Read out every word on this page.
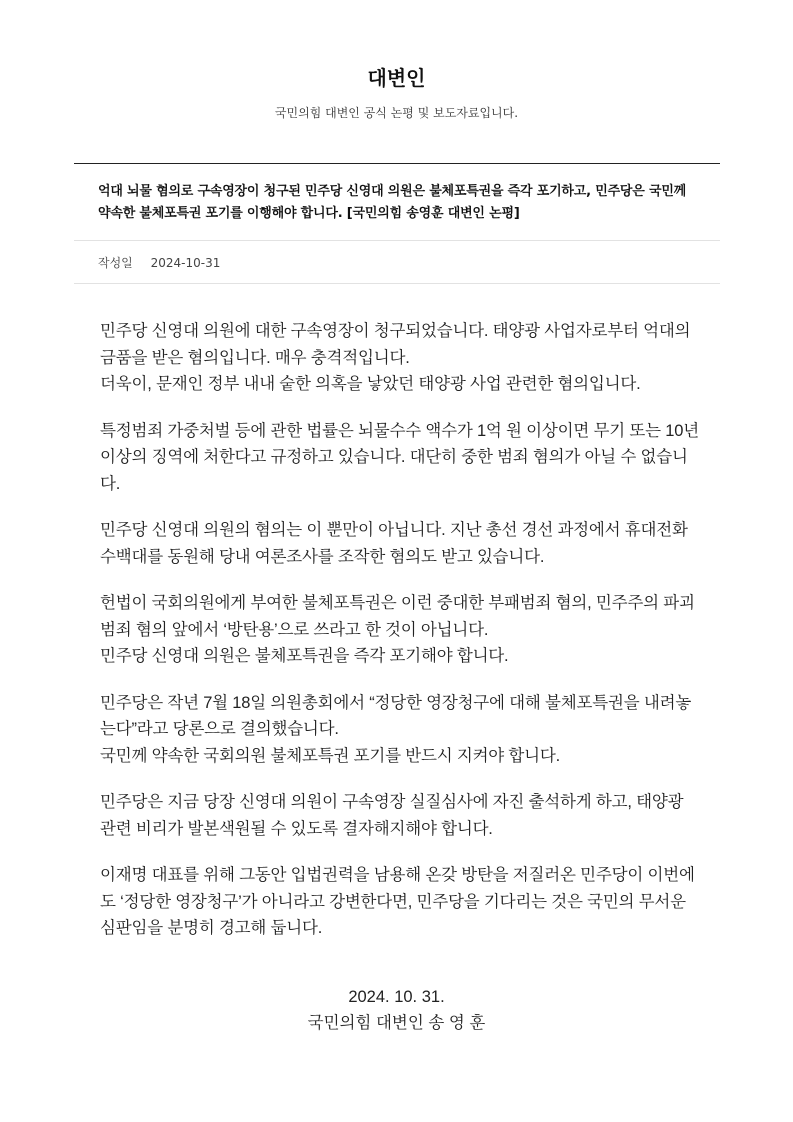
대변인
국민의힘 대변인 공식 논평 및 보도자료입니다.
억대 뇌물 혐의로 구속영장이 청구된 민주당 신영대 의원은 불체포특권을 즉각 포기하고, 민주당은 국민께 약속한 불체포특권 포기를 이행해야 합니다. [국민의힘 송영훈 대변인 논평]
작성일 2024-10-31

민주당 신영대 의원에 대한 구속영장이 청구되었습니다. 태양광 사업자로부터 억대의 금품을 받은 혐의입니다. 매우 충격적입니다.
더욱이, 문재인 정부 내내 숱한 의혹을 낳았던 태양광 사업 관련한 혐의입니다.

특정범죄 가중처벌 등에 관한 법률은 뇌물수수 액수가 1억 원 이상이면 무기 또는 10년 이상의 징역에 처한다고 규정하고 있습니다. 대단히 중한 범죄 혐의가 아닐 수 없습니다.

민주당 신영대 의원의 혐의는 이 뿐만이 아닙니다. 지난 총선 경선 과정에서 휴대전화 수백대를 동원해 당내 여론조사를 조작한 혐의도 받고 있습니다.

헌법이 국회의원에게 부여한 불체포특권은 이런 중대한 부패범죄 혐의, 민주주의 파괴 범죄 혐의 앞에서 ‘방탄용’으로 쓰라고 한 것이 아닙니다.
민주당 신영대 의원은 불체포특권을 즉각 포기해야 합니다.

민주당은 작년 7월 18일 의원총회에서 “정당한 영장청구에 대해 불체포특권을 내려놓는다”라고 당론으로 결의했습니다.
국민께 약속한 국회의원 불체포특권 포기를 반드시 지켜야 합니다.

민주당은 지금 당장 신영대 의원이 구속영장 실질심사에 자진 출석하게 하고, 태양광 관련 비리가 발본색원될 수 있도록 결자해지해야 합니다.

이재명 대표를 위해 그동안 입법권력을 남용해 온갖 방탄을 저질러온 민주당이 이번에도 ‘정당한 영장청구’가 아니라고 강변한다면, 민주당을 기다리는 것은 국민의 무서운 심판임을 분명히 경고해 둡니다.

2024. 10. 31.
국민의힘 대변인 송 영 훈
